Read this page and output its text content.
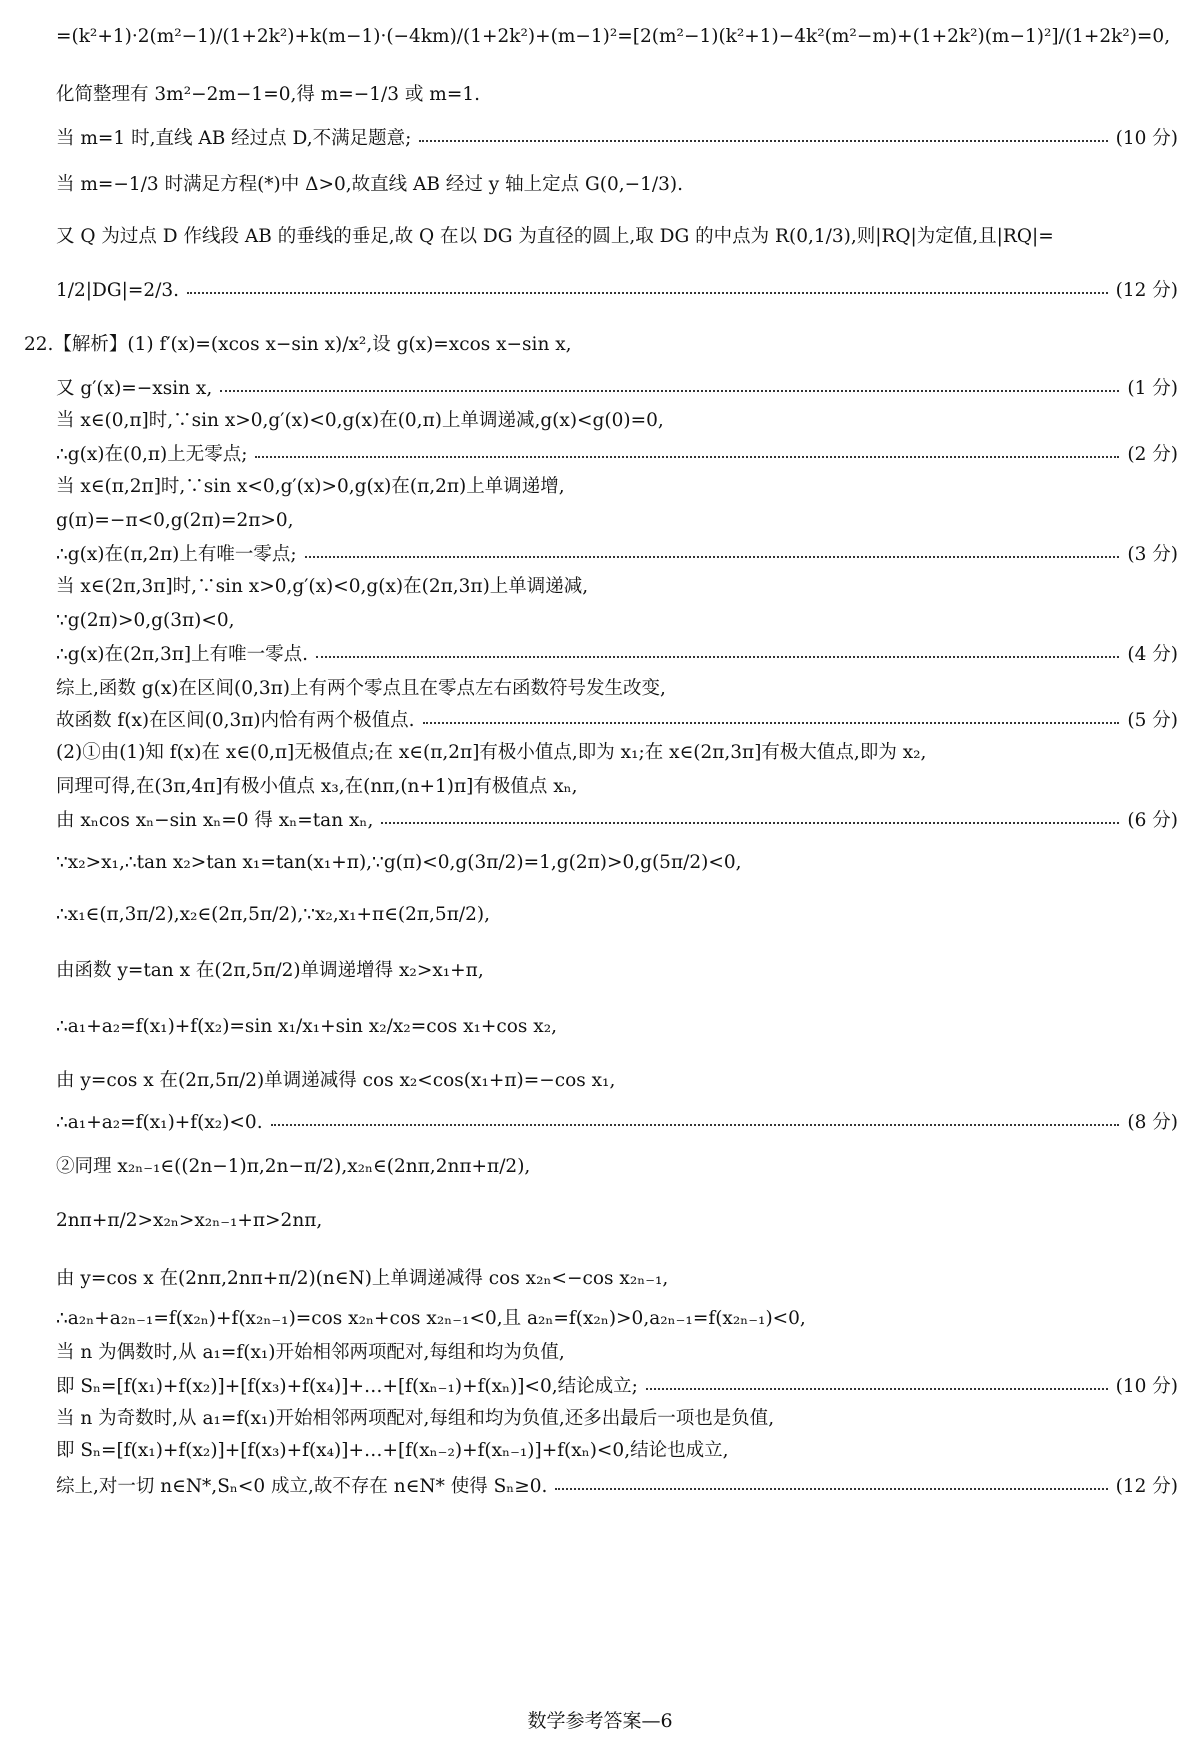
=(k²+1)·2(m²−1)/(1+2k²)+k(m−1)·(−4km)/(1+2k²)+(m−1)²=[2(m²−1)(k²+1)−4k²(m²−m)+(1+2k²)(m−1)²]/(1+2k²)=0,
化简整理有 3m²−2m−1=0,得 m=−1/3 或 m=1.
当 m=1 时,直线 AB 经过点 D,不满足题意;	(10 分)
当 m=−1/3 时满足方程(*)中 Δ>0,故直线 AB 经过 y 轴上定点 G(0,−1/3).
又 Q 为过点 D 作线段 AB 的垂线的垂足,故 Q 在以 DG 为直径的圆上,取 DG 的中点为 R(0,1/3),则|RQ|为定值,且|RQ|=
1/2|DG|=2/3.	(12 分)
22.【解析】(1) f′(x)=(xcos x−sin x)/x²,设 g(x)=xcos x−sin x,
又 g′(x)=−xsin x,	(1 分)
当 x∈(0,π]时,∵sin x>0,g′(x)<0,g(x)在(0,π)上单调递减,g(x)<g(0)=0,
∴g(x)在(0,π)上无零点;	(2 分)
当 x∈(π,2π]时,∵sin x<0,g′(x)>0,g(x)在(π,2π)上单调递增,
g(π)=−π<0,g(2π)=2π>0,
∴g(x)在(π,2π)上有唯一零点;	(3 分)
当 x∈(2π,3π]时,∵sin x>0,g′(x)<0,g(x)在(2π,3π)上单调递减,
∵g(2π)>0,g(3π)<0,
∴g(x)在(2π,3π]上有唯一零点.	(4 分)
综上,函数 g(x)在区间(0,3π)上有两个零点且在零点左右函数符号发生改变,
故函数 f(x)在区间(0,3π)内恰有两个极值点.	(5 分)
(2)①由(1)知 f(x)在 x∈(0,π]无极值点;在 x∈(π,2π]有极小值点,即为 x₁;在 x∈(2π,3π]有极大值点,即为 x₂,
同理可得,在(3π,4π]有极小值点 x₃,在(nπ,(n+1)π]有极值点 xₙ,
由 xₙcos xₙ−sin xₙ=0 得 xₙ=tan xₙ,	(6 分)
∵x₂>x₁,∴tan x₂>tan x₁=tan(x₁+π),∵g(π)<0,g(3π/2)=1,g(2π)>0,g(5π/2)<0,
∴x₁∈(π,3π/2),x₂∈(2π,5π/2),∵x₂,x₁+π∈(2π,5π/2),
由函数 y=tan x 在(2π,5π/2)单调递增得 x₂>x₁+π,
∴a₁+a₂=f(x₁)+f(x₂)=sin x₁/x₁+sin x₂/x₂=cos x₁+cos x₂,
由 y=cos x 在(2π,5π/2)单调递减得 cos x₂<cos(x₁+π)=−cos x₁,
∴a₁+a₂=f(x₁)+f(x₂)<0.	(8 分)
②同理 x₂ₙ₋₁∈((2n−1)π,2n−π/2),x₂ₙ∈(2nπ,2nπ+π/2),
2nπ+π/2>x₂ₙ>x₂ₙ₋₁+π>2nπ,
由 y=cos x 在(2nπ,2nπ+π/2)(n∈N)上单调递减得 cos x₂ₙ<−cos x₂ₙ₋₁,
∴a₂ₙ+a₂ₙ₋₁=f(x₂ₙ)+f(x₂ₙ₋₁)=cos x₂ₙ+cos x₂ₙ₋₁<0,且 a₂ₙ=f(x₂ₙ)>0,a₂ₙ₋₁=f(x₂ₙ₋₁)<0,
当 n 为偶数时,从 a₁=f(x₁)开始相邻两项配对,每组和均为负值,
即 Sₙ=[f(x₁)+f(x₂)]+[f(x₃)+f(x₄)]+…+[f(xₙ₋₁)+f(xₙ)]<0,结论成立;	(10 分)
当 n 为奇数时,从 a₁=f(x₁)开始相邻两项配对,每组和均为负值,还多出最后一项也是负值,
即 Sₙ=[f(x₁)+f(x₂)]+[f(x₃)+f(x₄)]+…+[f(xₙ₋₂)+f(xₙ₋₁)]+f(xₙ)<0,结论也成立,
综上,对一切 n∈N*,Sₙ<0 成立,故不存在 n∈N* 使得 Sₙ≥0.	(12 分)
数学参考答案—6
